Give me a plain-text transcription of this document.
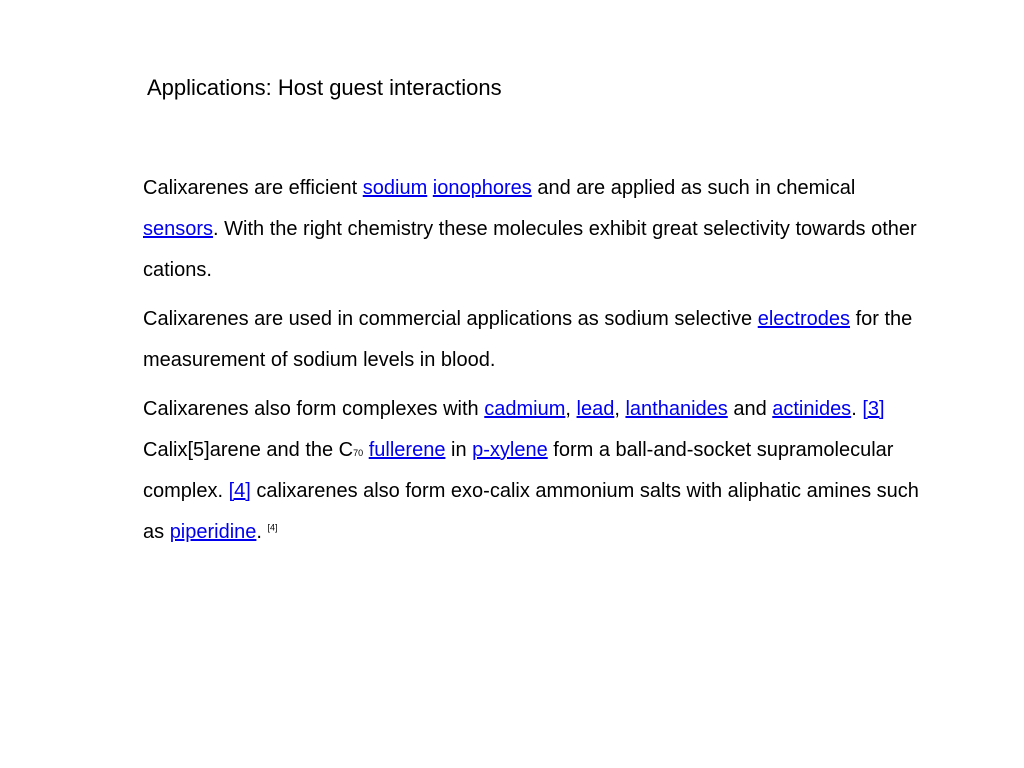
Applications: Host guest interactions

Calixarenes are efficient sodium ionophores and are applied as such in chemical sensors. With the right chemistry these molecules exhibit great selectivity towards other cations.

Calixarenes are used in commercial applications as sodium selective electrodes for the measurement of sodium levels in blood.

Calixarenes also form complexes with cadmium, lead, lanthanides and actinides. [3] Calix[5]arene and the C70 fullerene in p-xylene form a ball-and-socket supramolecular complex. [4] calixarenes also form exo-calix ammonium salts with aliphatic amines such as piperidine. [4]
